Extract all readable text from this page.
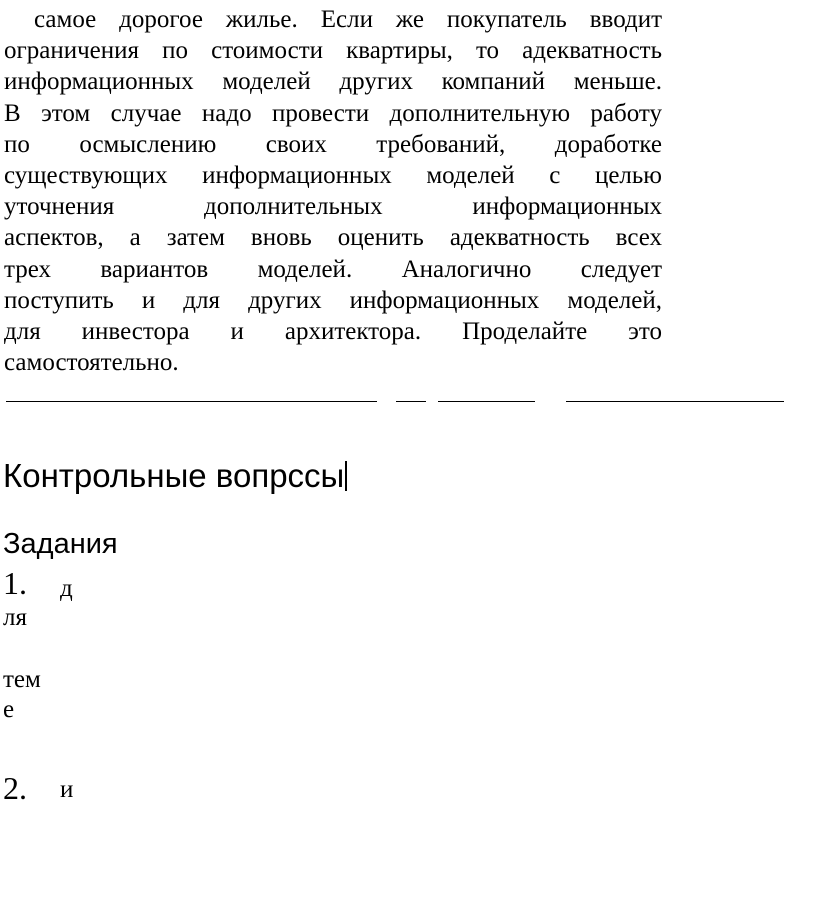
самое дорогое жилье. Если же покупатель вводит
ограничения по стоимости квартиры, то адекватность
информационных моделей других компаний меньше.
В этом случае надо провести дополнительную работу
по осмыслению своих требований, доработке
существующих информационных моделей с целью
уточнения дополнительных информационных
аспектов, а затем вновь оценить адекватность всех
трех вариантов моделей. Аналогично следует
поступить и для других информационных моделей,
для инвестора и архитектора. Проделайте это
самостоятельно.
Контрольные вопрссы
Задания
1. д
ля
тем
е
2. и
